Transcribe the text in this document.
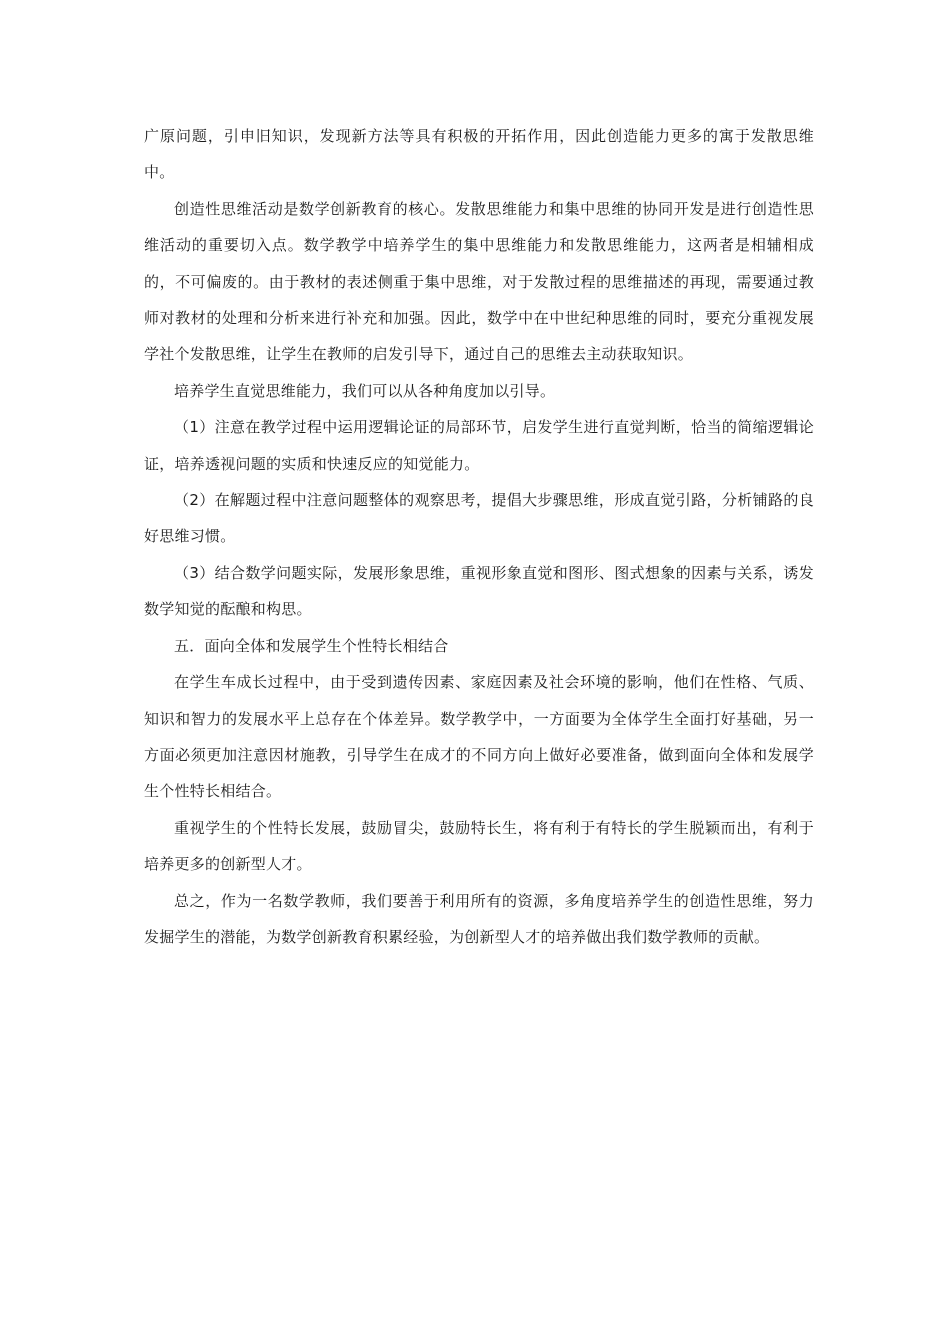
广原问题，引申旧知识，发现新方法等具有积极的开拓作用，因此创造能力更多的寓于发散思维中。

创造性思维活动是数学创新教育的核心。发散思维能力和集中思维的协同开发是进行创造性思维活动的重要切入点。数学教学中培养学生的集中思维能力和发散思维能力，这两者是相辅相成的，不可偏废的。由于教材的表述侧重于集中思维，对于发散过程的思维描述的再现，需要通过教师对教材的处理和分析来进行补充和加强。因此，数学中在中世纪种思维的同时，要充分重视发展学社个发散思维，让学生在教师的启发引导下，通过自己的思维去主动获取知识。

培养学生直觉思维能力，我们可以从各种角度加以引导。

（1）注意在教学过程中运用逻辑论证的局部环节，启发学生进行直觉判断，恰当的简缩逻辑论证，培养透视问题的实质和快速反应的知觉能力。

（2）在解题过程中注意问题整体的观察思考，提倡大步骤思维，形成直觉引路，分析铺路的良好思维习惯。

（3）结合数学问题实际，发展形象思维，重视形象直觉和图形、图式想象的因素与关系，诱发数学知觉的酝酿和构思。

五．面向全体和发展学生个性特长相结合

在学生车成长过程中，由于受到遗传因素、家庭因素及社会环境的影响，他们在性格、气质、知识和智力的发展水平上总存在个体差异。数学教学中，一方面要为全体学生全面打好基础，另一方面必须更加注意因材施教，引导学生在成才的不同方向上做好必要准备，做到面向全体和发展学生个性特长相结合。

重视学生的个性特长发展，鼓励冒尖，鼓励特长生，将有利于有特长的学生脱颖而出，有利于培养更多的创新型人才。

总之，作为一名数学教师，我们要善于利用所有的资源，多角度培养学生的创造性思维，努力发掘学生的潜能，为数学创新教育积累经验，为创新型人才的培养做出我们数学教师的贡献。
